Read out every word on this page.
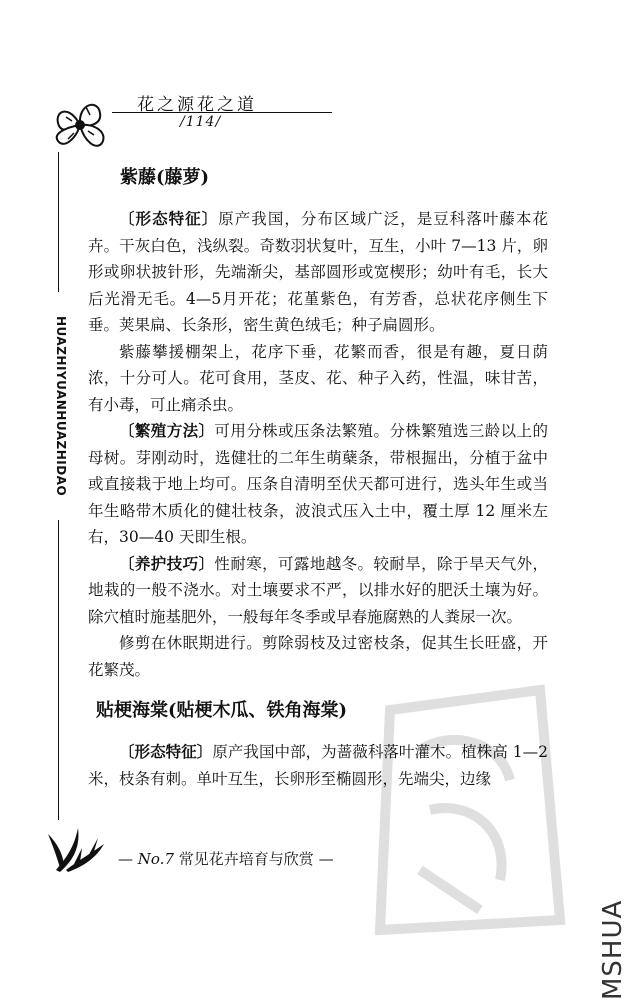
花之源花之道
/114/
HUAZHIYUANHUAZHIDAO
紫藤(藤萝)

〔形态特征〕原产我国，分布区域广泛，是豆科落叶藤本花卉。干灰白色，浅纵裂。奇数羽状复叶，互生，小叶 7—13 片，卵形或卵状披针形，先端渐尖，基部圆形或宽楔形；幼叶有毛，长大后光滑无毛。4—5月开花；花堇紫色，有芳香，总状花序侧生下垂。荚果扁、长条形，密生黄色绒毛；种子扁圆形。

紫藤攀援棚架上，花序下垂，花繁而香，很是有趣，夏日荫浓，十分可人。花可食用，茎皮、花、种子入药，性温，味甘苦，有小毒，可止痛杀虫。

〔繁殖方法〕可用分株或压条法繁殖。分株繁殖选三龄以上的母树。芽刚动时，选健壮的二年生萌蘖条，带根掘出，分植于盆中或直接栽于地上均可。压条自清明至伏天都可进行，选头年生或当年生略带木质化的健壮枝条，波浪式压入土中，覆土厚 12 厘米左右，30—40 天即生根。

〔养护技巧〕性耐寒，可露地越冬。较耐旱，除于旱天气外，地栽的一般不浇水。对土壤要求不严，以排水好的肥沃土壤为好。除穴植时施基肥外，一般每年冬季或早春施腐熟的人粪尿一次。

修剪在休眠期进行。剪除弱枝及过密枝条，促其生长旺盛，开花繁茂。

贴梗海棠(贴梗木瓜、铁角海棠)

〔形态特征〕原产我国中部，为蔷薇科落叶灌木。植株高 1—2 米，枝条有刺。单叶互生，长卵形至椭圆形，先端尖，边缘

— No.7 常见花卉培育与欣赏 —
MSHUA
